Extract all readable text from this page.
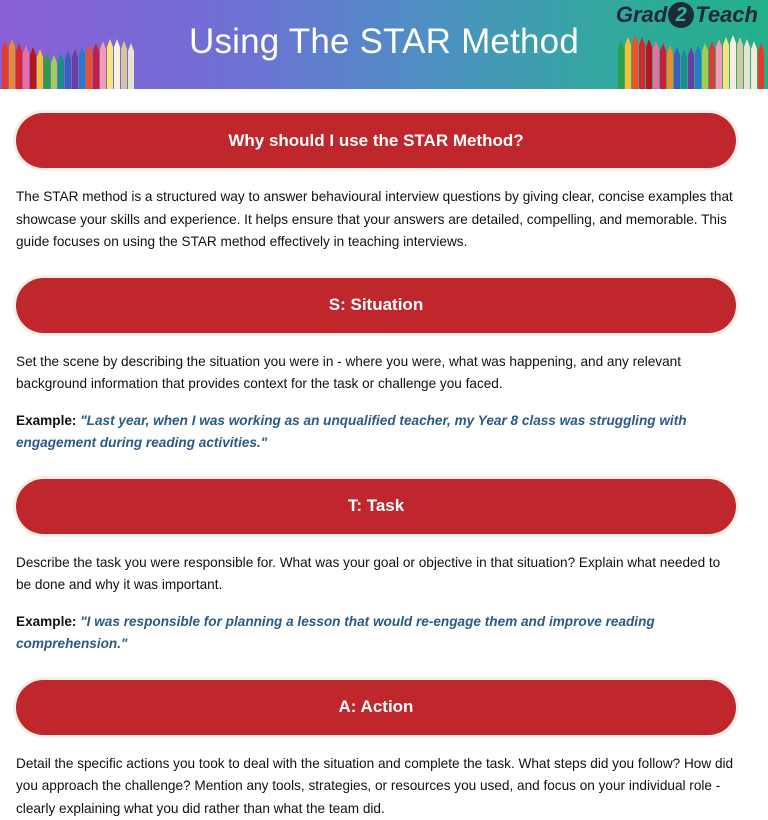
Using The STAR Method
Grad 2 Teach
Why should I use the STAR Method?

The STAR method is a structured way to answer behavioural interview questions by giving clear, concise examples that showcase your skills and experience. It helps ensure that your answers are detailed, compelling, and memorable. This guide focuses on using the STAR method effectively in teaching interviews.

S: Situation

Set the scene by describing the situation you were in - where you were, what was happening, and any relevant background information that provides context for the task or challenge you faced.

Example: "Last year, when I was working as an unqualified teacher, my Year 8 class was struggling with engagement during reading activities."

T: Task

Describe the task you were responsible for. What was your goal or objective in that situation? Explain what needed to be done and why it was important.

Example: "I was responsible for planning a lesson that would re-engage them and improve reading comprehension."

A: Action

Detail the specific actions you took to deal with the situation and complete the task. What steps did you follow? How did you approach the challenge? Mention any tools, strategies, or resources you used, and focus on your individual role - clearly explaining what you did rather than what the team did.
